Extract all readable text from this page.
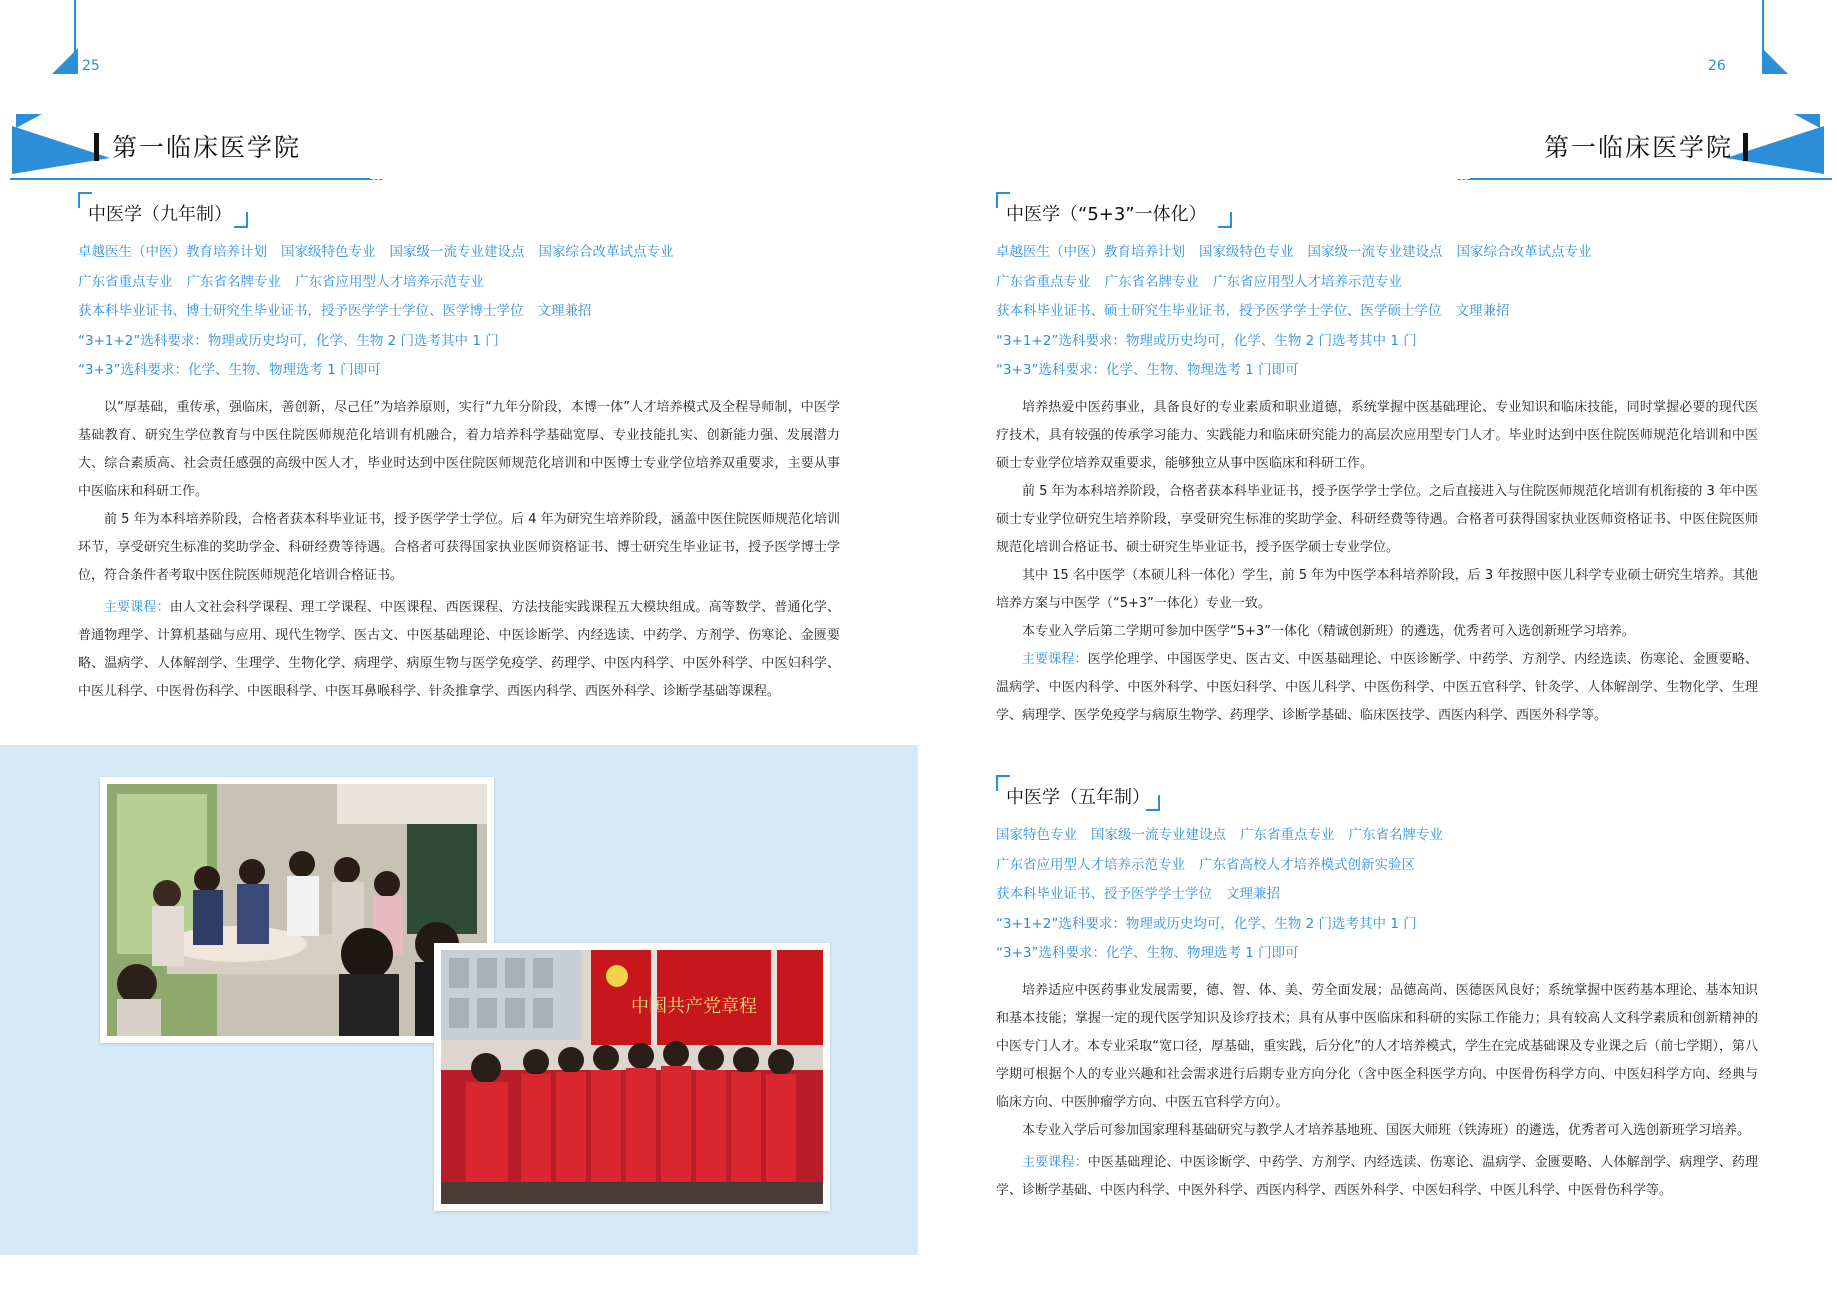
25
第一临床医学院
中医学（九年制）
卓越医生（中医）教育培养计划 国家级特色专业 国家级一流专业建设点 国家综合改革试点专业
广东省重点专业 广东省名牌专业 广东省应用型人才培养示范专业
获本科毕业证书、博士研究生毕业证书，授予医学学士学位、医学博士学位 文理兼招
“3+1+2”选科要求：物理或历史均可，化学、生物 2 门选考其中 1 门
“3+3”选科要求：化学、生物、物理选考 1 门即可

以“厚基础，重传承，强临床，善创新，尽己任”为培养原则，实行“九年分阶段，本博一体”人才培养模式及全程导师制，中医学基础教育、研究生学位教育与中医住院医师规范化培训有机融合，着力培养科学基础宽厚、专业技能扎实、创新能力强、发展潜力大、综合素质高、社会责任感强的高级中医人才，毕业时达到中医住院医师规范化培训和中医博士专业学位培养双重要求，主要从事中医临床和科研工作。

前 5 年为本科培养阶段，合格者获本科毕业证书，授予医学学士学位。后 4 年为研究生培养阶段，涵盖中医住院医师规范化培训环节，享受研究生标准的奖助学金、科研经费等待遇。合格者可获得国家执业医师资格证书、博士研究生毕业证书，授予医学博士学位，符合条件者考取中医住院医师规范化培训合格证书。

主要课程：由人文社会科学课程、理工学课程、中医课程、西医课程、方法技能实践课程五大模块组成。高等数学、普通化学、普通物理学、计算机基础与应用、现代生物学、医古文、中医基础理论、中医诊断学、内经选读、中药学、方剂学、伤寒论、金匮要略、温病学、人体解剖学、生理学、生物化学、病理学、病原生物与医学免疫学、药理学、中医内科学、中医外科学、中医妇科学、中医儿科学、中医骨伤科学、中医眼科学、中医耳鼻喉科学、针灸推拿学、西医内科学、西医外科学、诊断学基础等课程。

中国共产党章程
26
第一临床医学院
中医学（“5+3”一体化）
卓越医生（中医）教育培养计划 国家级特色专业 国家级一流专业建设点 国家综合改革试点专业
广东省重点专业 广东省名牌专业 广东省应用型人才培养示范专业
获本科毕业证书、硕士研究生毕业证书，授予医学学士学位、医学硕士学位 文理兼招
“3+1+2”选科要求：物理或历史均可，化学、生物 2 门选考其中 1 门
“3+3”选科要求：化学、生物、物理选考 1 门即可

培养热爱中医药事业，具备良好的专业素质和职业道德，系统掌握中医基础理论、专业知识和临床技能，同时掌握必要的现代医疗技术，具有较强的传承学习能力、实践能力和临床研究能力的高层次应用型专门人才。毕业时达到中医住院医师规范化培训和中医硕士专业学位培养双重要求，能够独立从事中医临床和科研工作。

前 5 年为本科培养阶段，合格者获本科毕业证书，授予医学学士学位。之后直接进入与住院医师规范化培训有机衔接的 3 年中医硕士专业学位研究生培养阶段，享受研究生标准的奖助学金、科研经费等待遇。合格者可获得国家执业医师资格证书、中医住院医师规范化培训合格证书、硕士研究生毕业证书，授予医学硕士专业学位。

其中 15 名中医学（本硕儿科一体化）学生，前 5 年为中医学本科培养阶段，后 3 年按照中医儿科学专业硕士研究生培养。其他培养方案与中医学（“5+3”一体化）专业一致。

本专业入学后第二学期可参加中医学“5+3”一体化（精诚创新班）的遴选，优秀者可入选创新班学习培养。

主要课程：医学伦理学、中国医学史、医古文、中医基础理论、中医诊断学、中药学、方剂学、内经选读、伤寒论、金匮要略、温病学、中医内科学、中医外科学、中医妇科学、中医儿科学、中医伤科学、中医五官科学、针灸学、人体解剖学、生物化学、生理学、病理学、医学免疫学与病原生物学、药理学、诊断学基础、临床医技学、西医内科学、西医外科学等。

中医学（五年制）
国家特色专业 国家级一流专业建设点 广东省重点专业 广东省名牌专业
广东省应用型人才培养示范专业 广东省高校人才培养模式创新实验区
获本科毕业证书、授予医学学士学位 文理兼招
“3+1+2”选科要求：物理或历史均可，化学、生物 2 门选考其中 1 门
“3+3”选科要求：化学、生物、物理选考 1 门即可

培养适应中医药事业发展需要，德、智、体、美、劳全面发展；品德高尚、医德医风良好；系统掌握中医药基本理论、基本知识和基本技能；掌握一定的现代医学知识及诊疗技术；具有从事中医临床和科研的实际工作能力；具有较高人文科学素质和创新精神的中医专门人才。本专业采取“宽口径，厚基础，重实践，后分化”的人才培养模式，学生在完成基础课及专业课之后（前七学期），第八学期可根据个人的专业兴趣和社会需求进行后期专业方向分化（含中医全科医学方向、中医骨伤科学方向、中医妇科学方向、经典与临床方向、中医肿瘤学方向、中医五官科学方向）。

本专业入学后可参加国家理科基础研究与教学人才培养基地班、国医大师班（铁涛班）的遴选，优秀者可入选创新班学习培养。

主要课程：中医基础理论、中医诊断学、中药学、方剂学、内经选读、伤寒论、温病学、金匮要略、人体解剖学、病理学、药理学、诊断学基础、中医内科学、中医外科学、西医内科学、西医外科学、中医妇科学、中医儿科学、中医骨伤科学等。
